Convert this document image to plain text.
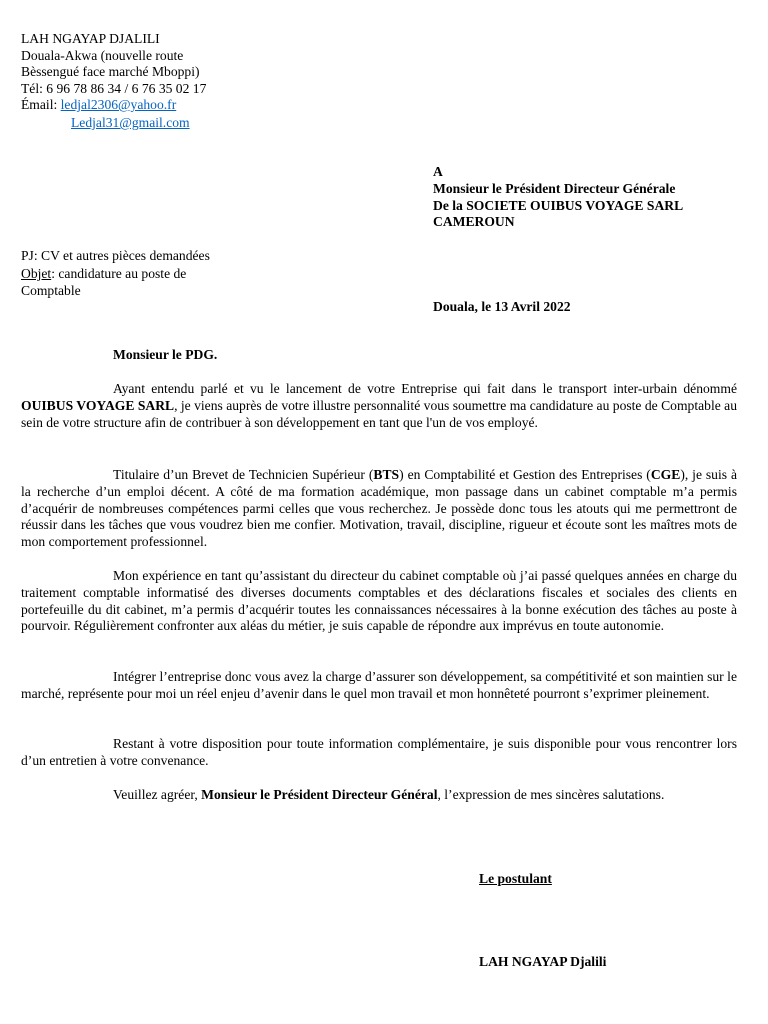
LAH NGAYAP DJALILI
Douala-Akwa (nouvelle route
Bèssengué face marché Mboppi)
Tél: 6 96 78 86 34 / 6 76 35 02 17
Émail: ledjal2306@yahoo.fr
Ledjal31@gmail.com
A
Monsieur le Président Directeur Générale
De la SOCIETE OUIBUS VOYAGE SARL
CAMEROUN
PJ: CV et autres pièces demandées
Objet: candidature au poste de
Comptable
Douala, le 13 Avril 2022
Monsieur le PDG.
Ayant entendu parlé et vu le lancement de votre Entreprise qui fait dans le transport inter-urbain dénommé OUIBUS VOYAGE SARL, je viens auprès de votre illustre personnalité vous soumettre ma candidature au poste de Comptable au sein de votre structure afin de contribuer à son développement en tant que l'un de vos employé.
Titulaire d’un Brevet de Technicien Supérieur (BTS) en Comptabilité et Gestion des Entreprises (CGE), je suis à la recherche d’un emploi décent. A côté de ma formation académique, mon passage dans un cabinet comptable m’a permis d’acquérir de nombreuses compétences parmi celles que vous recherchez. Je possède donc tous les atouts qui me permettront de réussir dans les tâches que vous voudrez bien me confier. Motivation, travail, discipline, rigueur et écoute sont les maîtres mots de mon comportement professionnel.
Mon expérience en tant qu’assistant du directeur du cabinet comptable où j’ai passé quelques années en charge du traitement comptable informatisé des diverses documents comptables et des déclarations fiscales et sociales des clients en portefeuille du dit cabinet, m’a permis d’acquérir toutes les connaissances nécessaires à la bonne exécution des tâches au poste à pourvoir. Régulièrement confronter aux aléas du métier, je suis capable de répondre aux imprévus en toute autonomie.
Intégrer l’entreprise donc vous avez la charge d’assurer son développement, sa compétitivité et son maintien sur le marché, représente pour moi un réel enjeu d’avenir dans le quel mon travail et mon honnêteté pourront s’exprimer pleinement.
Restant à votre disposition pour toute information complémentaire, je suis disponible pour vous rencontrer lors d’un entretien à votre convenance.
Veuillez agréer, Monsieur le Président Directeur Général, l’expression de mes sincères salutations.
Le postulant
LAH NGAYAP Djalili
